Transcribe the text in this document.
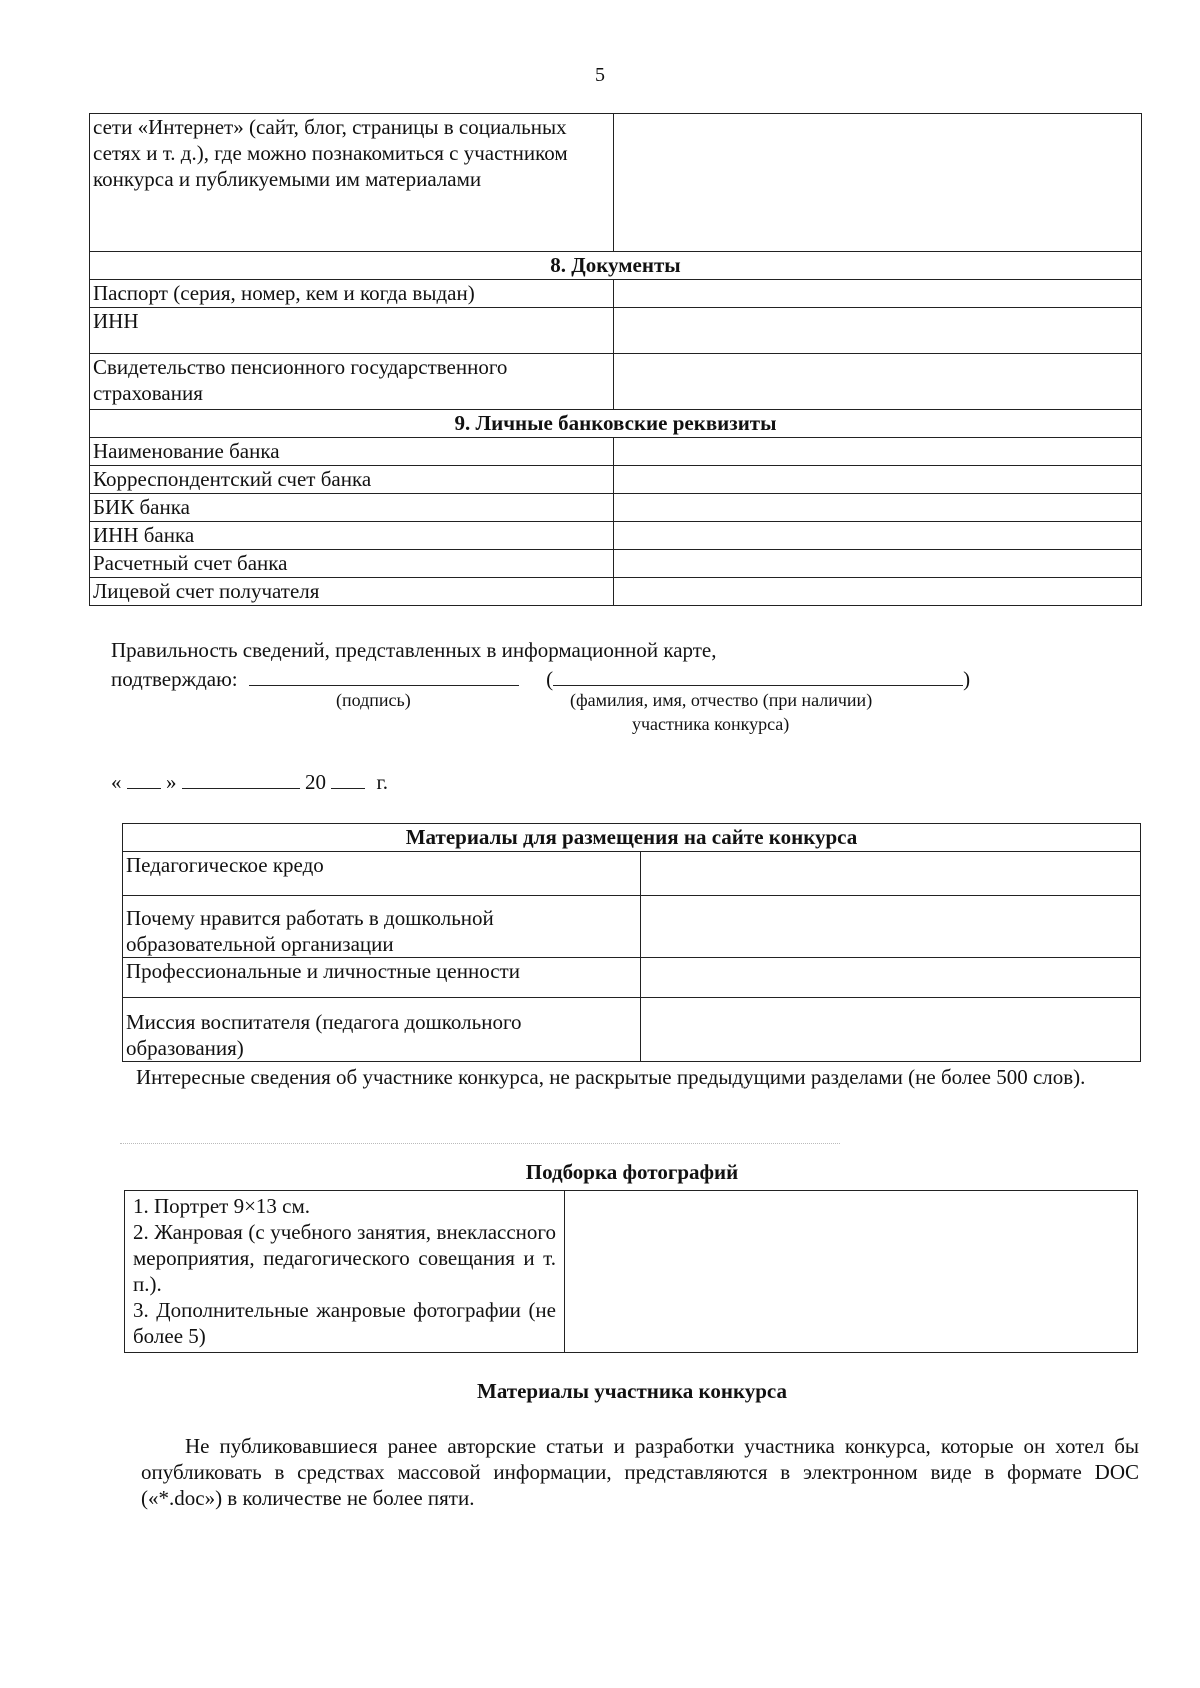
5
сети «Интернет» (сайт, блог, страницы в социальных сетях и т. д.), где можно познакомиться с участником конкурса и публикуемыми им материалами	
8. Документы	
Паспорт (серия, номер, кем и когда выдан)	
ИНН	
Свидетельство пенсионного государственного страхования	
9. Личные банковские реквизиты	
Наименование банка	
Корреспондентский счет банка	
БИК банка	
ИНН банка	
Расчетный счет банка	
Лицевой счет получателя	
Правильность сведений, представленных в информационной карте,
подтверждаю:	(	)
(подпись)	(фамилия, имя, отчество (при наличии)
участника конкурса)
« »	20 г.
Материалы для размещения на сайте конкурса	
Педагогическое кредо	
Почему нравится работать в дошкольной образовательной организации	
Профессиональные и личностные ценности	
Миссия воспитателя (педагога дошкольного образования)	
Интересные сведения об участнике конкурса, не раскрытые предыдущими разделами (не более 500 слов).
Подборка фотографий
1. Портрет 9×13 см.
2. Жанровая (с учебного занятия, внеклассного мероприятия, педагогического совещания и т. п.).
3. Дополнительные жанровые фотографии (не более 5)

Материалы участника конкурса
Не публиковавшиеся ранее авторские статьи и разработки участника конкурса, которые он хотел бы опубликовать в средствах массовой информации, представляются в электронном виде в формате DOC («*.doc») в количестве не более пяти.
